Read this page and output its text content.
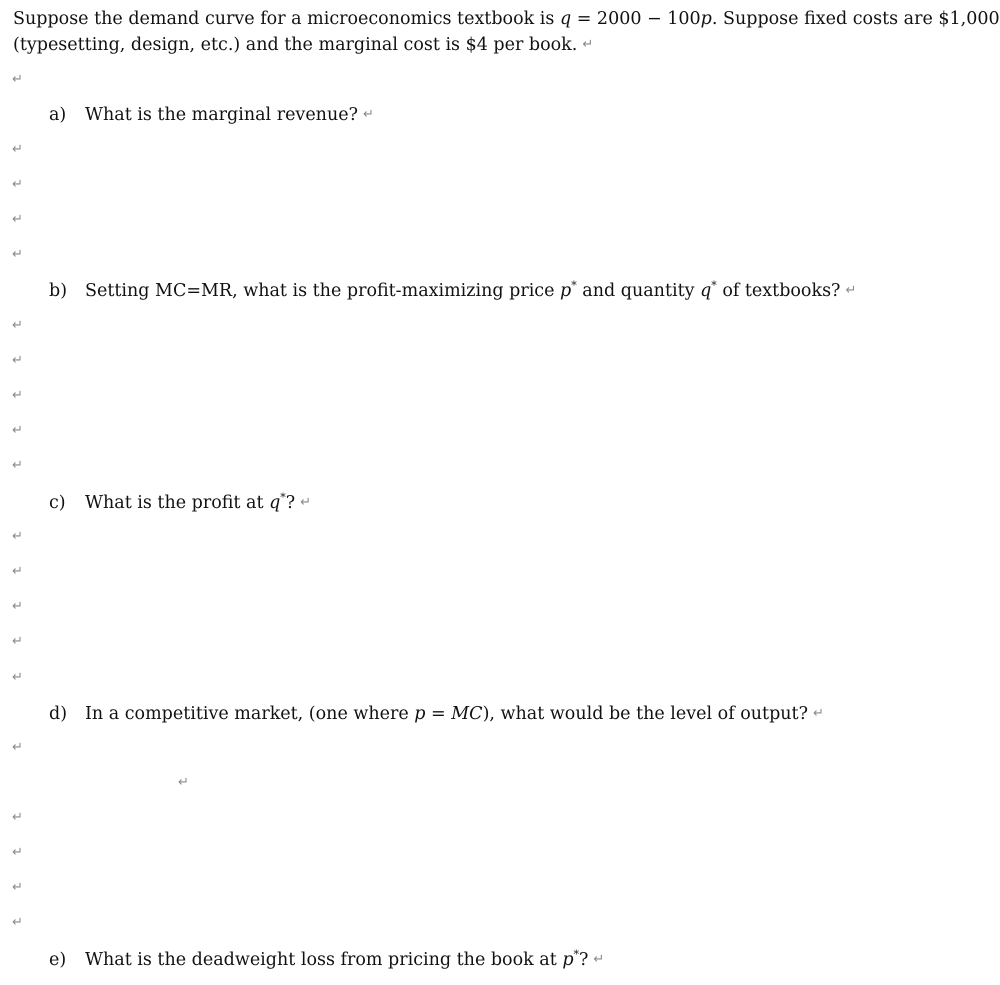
Suppose the demand curve for a microeconomics textbook is q = 2000 − 100p. Suppose fixed costs are $1,000
(typesetting, design, etc.) and the marginal cost is $4 per book. ↵
↵
a) What is the marginal revenue? ↵
↵
↵
↵
↵
b) Setting MC=MR, what is the profit-maximizing price p* and quantity q* of textbooks? ↵
↵
↵
↵
↵
↵
c) What is the profit at q*? ↵
↵
↵
↵
↵
↵
d) In a competitive market, (one where p = MC), what would be the level of output? ↵
↵
↵
↵
↵
↵
↵
e) What is the deadweight loss from pricing the book at p*? ↵
